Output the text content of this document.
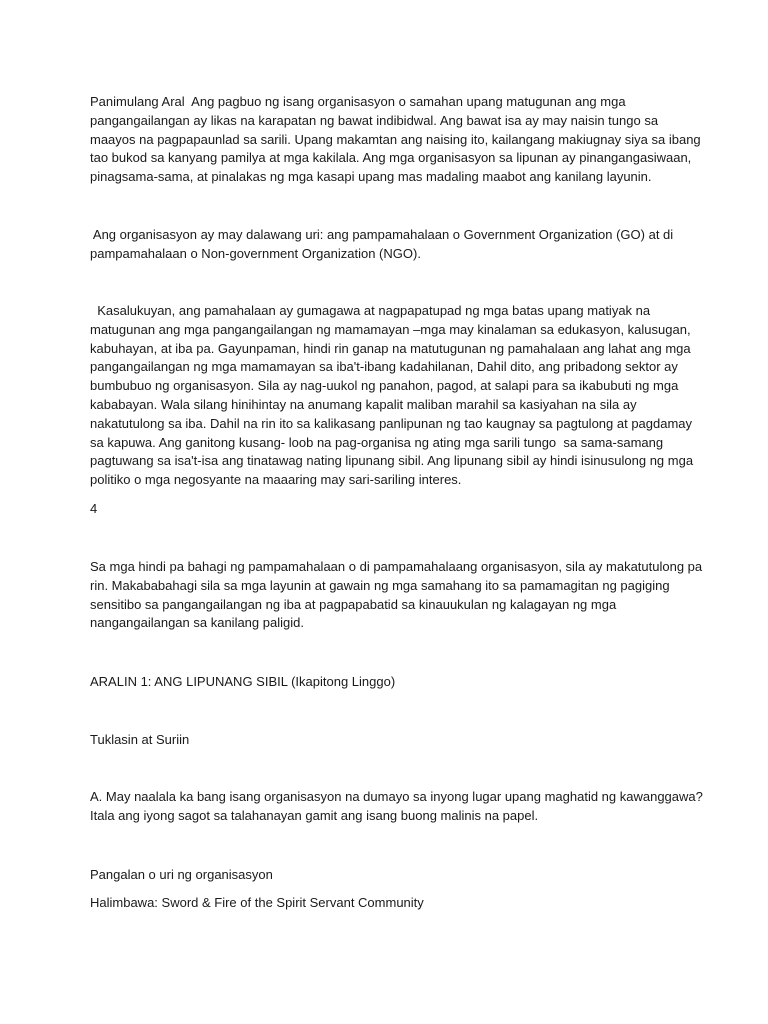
Panimulang Aral  Ang pagbuo ng isang organisasyon o samahan upang matugunan ang mga
pangangailangan ay likas na karapatan ng bawat indibidwal. Ang bawat isa ay may naisin tungo sa
maayos na pagpapaunlad sa sarili. Upang makamtan ang naising ito, kailangang makiugnay siya sa ibang
tao bukod sa kanyang pamilya at mga kakilala. Ang mga organisasyon sa lipunan ay pinangangasiwaan,
pinagsama-sama, at pinalakas ng mga kasapi upang mas madaling maabot ang kanilang layunin.

Ang organisasyon ay may dalawang uri: ang pampamahalaan o Government Organization (GO) at di
pampamahalaan o Non-government Organization (NGO).

Kasalukuyan, ang pamahalaan ay gumagawa at nagpapatupad ng mga batas upang matiyak na
matugunan ang mga pangangailangan ng mamamayan –mga may kinalaman sa edukasyon, kalusugan,
kabuhayan, at iba pa. Gayunpaman, hindi rin ganap na matutugunan ng pamahalaan ang lahat ang mga
pangangailangan ng mga mamamayan sa iba't-ibang kadahilanan, Dahil dito, ang pribadong sektor ay
bumbubuo ng organisasyon. Sila ay nag-uukol ng panahon, pagod, at salapi para sa ikabubuti ng mga
kababayan. Wala silang hinihintay na anumang kapalit maliban marahil sa kasiyahan na sila ay
nakatutulong sa iba. Dahil na rin ito sa kalikasang panlipunan ng tao kaugnay sa pagtulong at pagdamay
sa kapuwa. Ang ganitong kusang- loob na pag-organisa ng ating mga sarili tungo  sa sama-samang
pagtuwang sa isa't-isa ang tinatawag nating lipunang sibil. Ang lipunang sibil ay hindi isinusulong ng mga
politiko o mga negosyante na maaaring may sari-sariling interes.

4

Sa mga hindi pa bahagi ng pampamahalaan o di pampamahalaang organisasyon, sila ay makatutulong pa
rin. Makababahagi sila sa mga layunin at gawain ng mga samahang ito sa pamamagitan ng pagiging
sensitibo sa pangangailangan ng iba at pagpapabatid sa kinauukulan ng kalagayan ng mga
nangangailangan sa kanilang paligid.

ARALIN 1: ANG LIPUNANG SIBIL (Ikapitong Linggo)

Tuklasin at Suriin

A. May naalala ka bang isang organisasyon na dumayo sa inyong lugar upang maghatid ng kawanggawa?
Itala ang iyong sagot sa talahanayan gamit ang isang buong malinis na papel.

Pangalan o uri ng organisasyon

Halimbawa: Sword & Fire of the Spirit Servant Community
